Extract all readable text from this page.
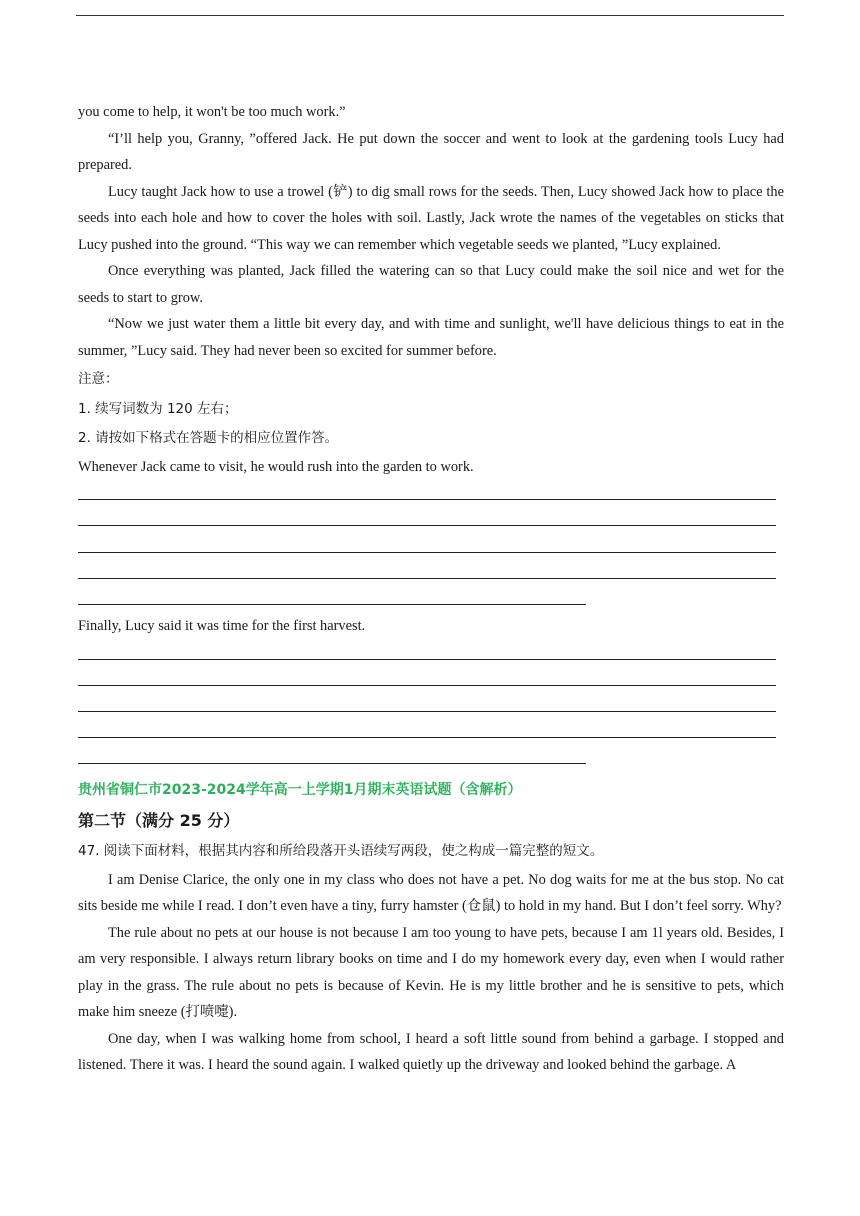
you come to help, it won't be too much work.”

“I’ll help you, Granny, ”offered Jack. He put down the soccer and went to look at the gardening tools Lucy had prepared.

Lucy taught Jack how to use a trowel (铲) to dig small rows for the seeds. Then, Lucy showed Jack how to place the seeds into each hole and how to cover the holes with soil. Lastly, Jack wrote the names of the vegetables on sticks that Lucy pushed into the ground. “This way we can remember which vegetable seeds we planted, ”Lucy explained.

Once everything was planted, Jack filled the watering can so that Lucy could make the soil nice and wet for the seeds to start to grow.

“Now we just water them a little bit every day, and with time and sunlight, we'll have delicious things to eat in the summer, ”Lucy said. They had never been so excited for summer before.

注意：

1. 续写词数为 120 左右；

2. 请按如下格式在答题卡的相应位置作答。

Whenever Jack came to visit, he would rush into the garden to work.

Finally, Lucy said it was time for the first harvest.

贵州省铜仁市2023-2024学年高一上学期1月期末英语试题（含解析）

第二节（满分 25 分）

47. 阅读下面材料，根据其内容和所给段落开头语续写两段，使之构成一篇完整的短文。

I am Denise Clarice, the only one in my class who does not have a pet. No dog waits for me at the bus stop. No cat sits beside me while I read. I don’t even have a tiny, furry hamster (仓鼠) to hold in my hand. But I don’t feel sorry. Why?

The rule about no pets at our house is not because I am too young to have pets, because I am 1l years old. Besides, I am very responsible. I always return library books on time and I do my homework every day, even when I would rather play in the grass. The rule about no pets is because of Kevin. He is my little brother and he is sensitive to pets, which make him sneeze (打喷嚏).

One day, when I was walking home from school, I heard a soft little sound from behind a garbage. I stopped and listened. There it was. I heard the sound again. I walked quietly up the driveway and looked behind the garbage. A
